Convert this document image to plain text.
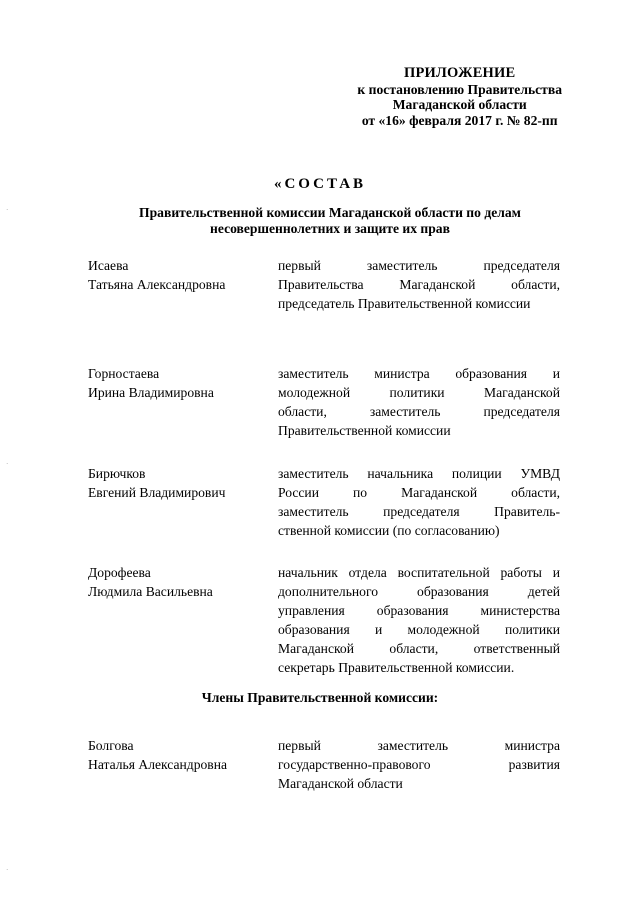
ПРИЛОЖЕНИЕ
к постановлению Правительства
Магаданской области
от «16» февраля 2017 г. № 82-пп
«СОСТАВ
Правительственной комиссии Магаданской области по делам
несовершеннолетних и защите их прав
Исаева
Татьяна Александровна
первый заместитель председателя
Правительства Магаданской области,
председатель Правительственной комиссии
Горностаева
Ирина Владимировна
заместитель министра образования и
молодежной политики Магаданской
области, заместитель председателя
Правительственной комиссии
Бирючков
Евгений Владимирович
заместитель начальника полиции УМВД
России по Магаданской области,
заместитель председателя Правитель-
ственной комиссии (по согласованию)
Дорофеева
Людмила Васильевна
начальник отдела воспитательной работы и
дополнительного образования детей
управления образования министерства
образования и молодежной политики
Магаданской области, ответственный
секретарь Правительственной комиссии.
Члены Правительственной комиссии:
Болгова
Наталья Александровна
первый заместитель министра
государственно-правового развития
Магаданской области
·
·
·
